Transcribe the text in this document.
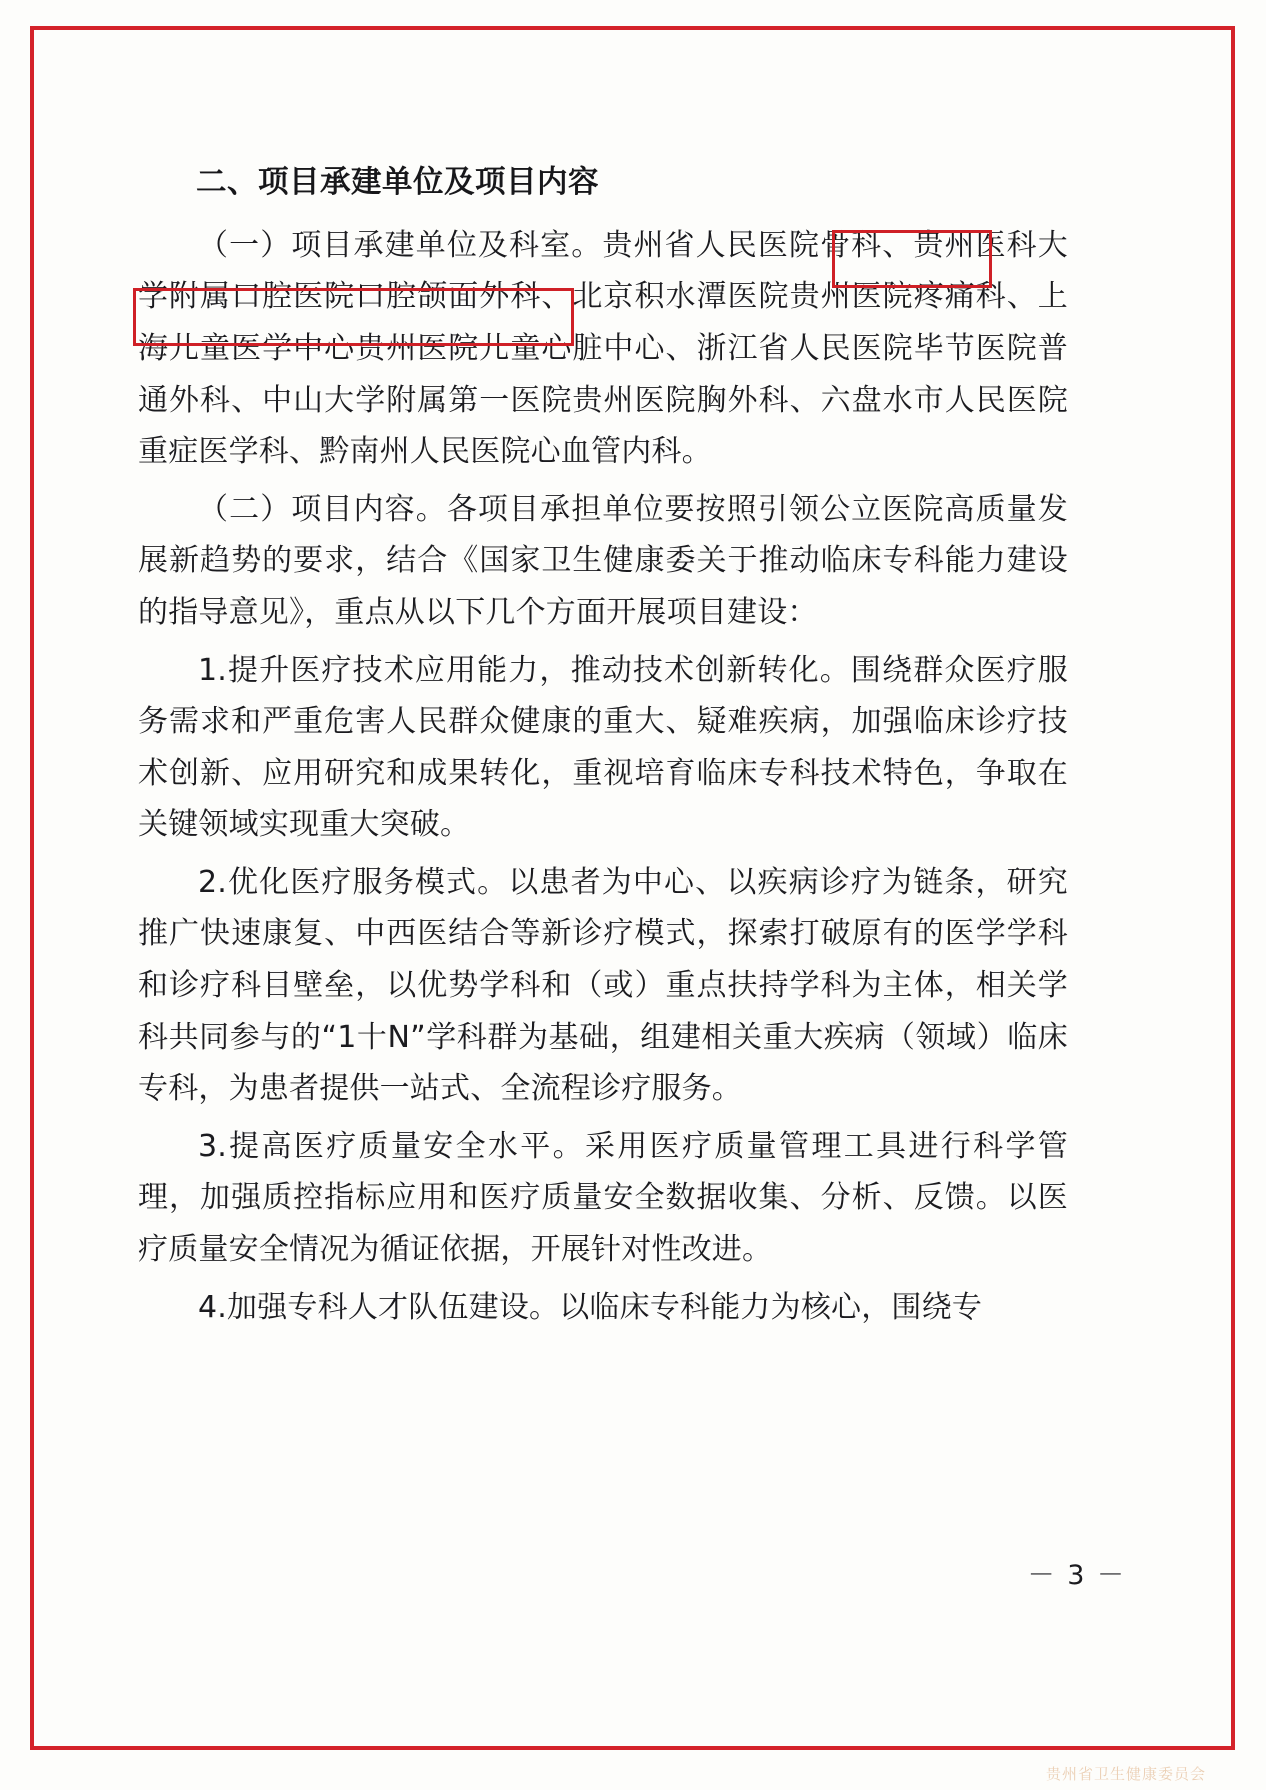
二、项目承建单位及项目内容

（一）项目承建单位及科室。贵州省人民医院骨科、贵州医科大学附属口腔医院口腔颌面外科、北京积水潭医院贵州医院疼痛科、上海儿童医学中心贵州医院儿童心脏中心、浙江省人民医院毕节医院普通外科、中山大学附属第一医院贵州医院胸外科、六盘水市人民医院重症医学科、黔南州人民医院心血管内科。

（二）项目内容。各项目承担单位要按照引领公立医院高质量发展新趋势的要求，结合《国家卫生健康委关于推动临床专科能力建设的指导意见》，重点从以下几个方面开展项目建设：

1.提升医疗技术应用能力，推动技术创新转化。围绕群众医疗服务需求和严重危害人民群众健康的重大、疑难疾病，加强临床诊疗技术创新、应用研究和成果转化，重视培育临床专科技术特色，争取在关键领域实现重大突破。

2.优化医疗服务模式。以患者为中心、以疾病诊疗为链条，研究推广快速康复、中西医结合等新诊疗模式，探索打破原有的医学学科和诊疗科目壁垒，以优势学科和（或）重点扶持学科为主体，相关学科共同参与的“1十N”学科群为基础，组建相关重大疾病（领域）临床专科，为患者提供一站式、全流程诊疗服务。

3.提高医疗质量安全水平。采用医疗质量管理工具进行科学管理，加强质控指标应用和医疗质量安全数据收集、分析、反馈。以医疗质量安全情况为循证依据，开展针对性改进。

4.加强专科人才队伍建设。以临床专科能力为核心，围绕专

－ 3 －
贵州省卫生健康委员会
